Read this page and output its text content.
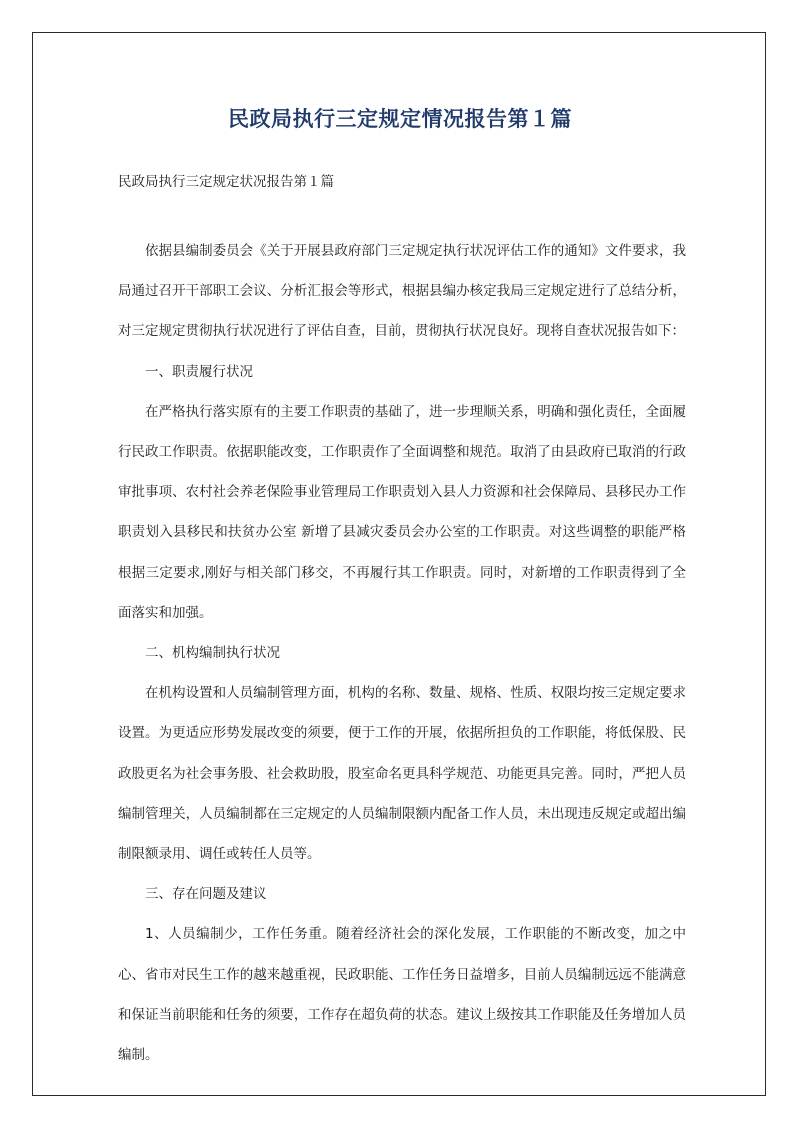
民政局执行三定规定情况报告第１篇
民政局执行三定规定状况报告第１篇

依据县编制委员会《关于开展县政府部门三定规定执行状况评估工作的通知》文件要求，我局通过召开干部职工会议、分析汇报会等形式，根据县编办核定我局三定规定进行了总结分析，对三定规定贯彻执行状况进行了评估自查，目前，贯彻执行状况良好。现将自查状况报告如下：

一、职责履行状况

在严格执行落实原有的主要工作职责的基础了，进一步理顺关系，明确和强化责任，全面履行民政工作职责。依据职能改变，工作职责作了全面调整和规范。取消了由县政府已取消的行政审批事项、农村社会养老保险事业管理局工作职责划入县人力资源和社会保障局、县移民办工作职责划入县移民和扶贫办公室 新增了县减灾委员会办公室的工作职责。对这些调整的职能严格根据三定要求,刚好与相关部门移交，不再履行其工作职责。同时，对新增的工作职责得到了全面落实和加强。

二、机构编制执行状况

在机构设置和人员编制管理方面，机构的名称、数量、规格、性质、权限均按三定规定要求设置。为更适应形势发展改变的须要，便于工作的开展，依据所担负的工作职能，将低保股、民政股更名为社会事务股、社会救助股，股室命名更具科学规范、功能更具完善。同时，严把人员编制管理关，人员编制都在三定规定的人员编制限额内配备工作人员，未出现违反规定或超出编制限额录用、调任或转任人员等。

三、存在问题及建议

1、人员编制少，工作任务重。随着经济社会的深化发展，工作职能的不断改变，加之中心、省市对民生工作的越来越重视，民政职能、工作任务日益增多，目前人员编制远远不能满意和保证当前职能和任务的须要，工作存在超负荷的状态。建议上级按其工作职能及任务增加人员编制。
